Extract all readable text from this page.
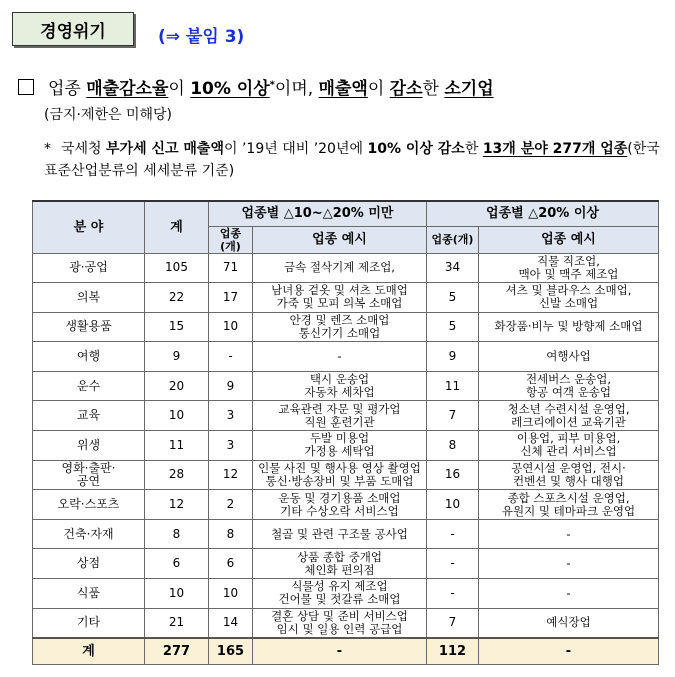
경영위기	(⇒ 붙임 3)
업종 매출감소율이 10% 이상*이며, 매출액이 감소한 소기업
(금지·제한은 미해당)
* 국세청 부가세 신고 매출액이 ’19년 대비 ’20년에 10% 이상 감소한 13개 분야 277개 업종(한국표준산업분류의 세세분류 기준)
분 야	계	업종별 △10~△20% 미만		업종별 △20% 이상	
		업종(개)	업종 예시	업종(개)	업종 예시
광·공업	105	71	금속 절삭기계 제조업,	34	직물 직조업,
맥아 및 맥주 제조업
의복	22	17	남녀용 겉옷 및 셔츠 도매업
가죽 및 모피 의복 소매업	5	셔츠 및 블라우스 소매업,
신발 소매업
생활용품	15	10	안경 및 렌즈 소매업
통신기기 소매업	5	화장품·비누 및 방향제 소매업
여행	9	-	-	9	여행사업
운수	20	9	택시 운송업
자동차 세차업	11	전세버스 운송업,
항공 여객 운송업
교육	10	3	교육관련 자문 및 평가업
직원 훈련기관	7	청소년 수련시설 운영업,
레크리에이션 교육기관
위생	11	3	두발 미용업
가정용 세탁업	8	이용업, 피부 미용업,
신체 관리 서비스업
영화·출판·
공연	28	12	인물 사진 및 행사용 영상 촬영업
통신·방송장비 및 부품 도매업	16	공연시설 운영업, 전시·
컨벤션 및 행사 대행업
오락·스포츠	12	2	운동 및 경기용품 소매업
기타 수상오락 서비스업	10	종합 스포츠시설 운영업,
유원지 및 테마파크 운영업
건축·자재	8	8	철골 및 관련 구조물 공사업	-	-
상점	6	6	상품 종합 중개업
체인화 편의점	-	-
식품	10	10	식물성 유지 제조업
건어물 및 젓갈류 소매업	-	-
기타	21	14	결혼 상담 및 준비 서비스업
임시 및 일용 인력 공급업	7	예식장업
계	277	165	-	112	-
